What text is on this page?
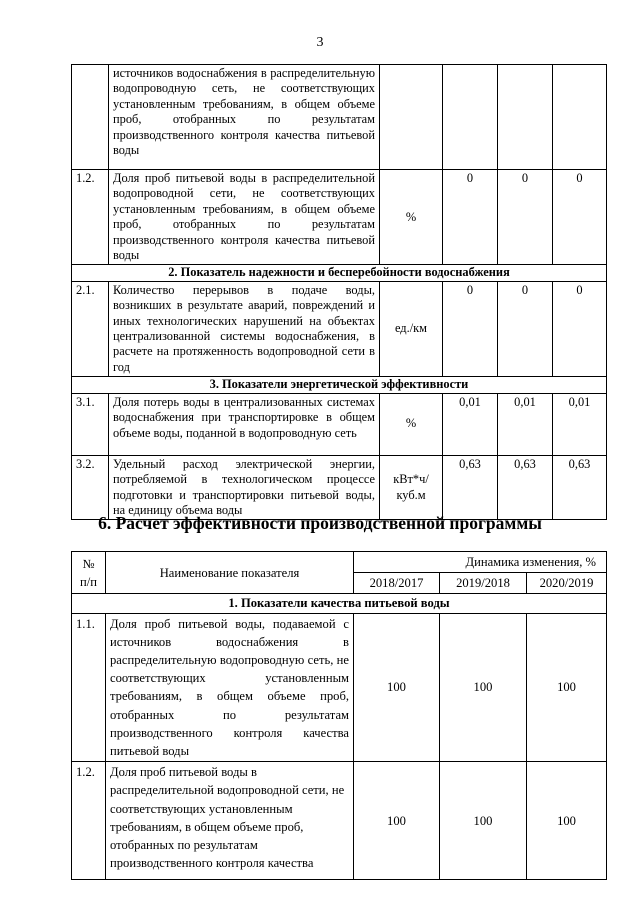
3
	источников водоснабжения в распределительную водопроводную сеть, не соответствующих установленным требованиям, в общем объеме проб, отобранных по результатам производственного контроля качества питьевой воды				
1.2.	Доля проб питьевой воды в распределительной водопроводной сети, не соответствующих установленным требованиям, в общем объеме проб, отобранных по результатам производственного контроля качества питьевой воды	%	0	0	0
2. Показатель надежности и бесперебойности водоснабжения					
2.1.	Количество перерывов в подаче воды, возникших в результате аварий, повреждений и иных технологических нарушений на объектах централизованной системы водоснабжения, в расчете на протяженность водопроводной сети в год	ед./км	0	0	0
3. Показатели энергетической эффективности					
3.1.	Доля потерь воды в централизованных системах водоснабжения при транспортировке в общем объеме воды, поданной в водопроводную сеть	%	0,01	0,01	0,01
3.2.	Удельный расход электрической энергии, потребляемой в технологическом процессе подготовки и транспортировки питьевой воды, на единицу объема воды	кВт*ч/ куб.м	0,63	0,63	0,63
6. Расчет эффективности производственной программы
№ п/п	Наименование показателя	Динамика изменения, %		
		2018/2017	2019/2018	2020/2019
1. Показатели качества питьевой воды				
1.1.	Доля проб питьевой воды, подаваемой с источников водоснабжения в распределительную водопроводную сеть, не соответствующих установленным требованиям, в общем объеме проб, отобранных по результатам производственного контроля качества питьевой воды	100	100	100
1.2.	Доля проб питьевой воды в распределительной водопроводной сети, не соответствующих установленным требованиям, в общем объеме проб, отобранных по результатам производственного контроля качества	100	100	100
